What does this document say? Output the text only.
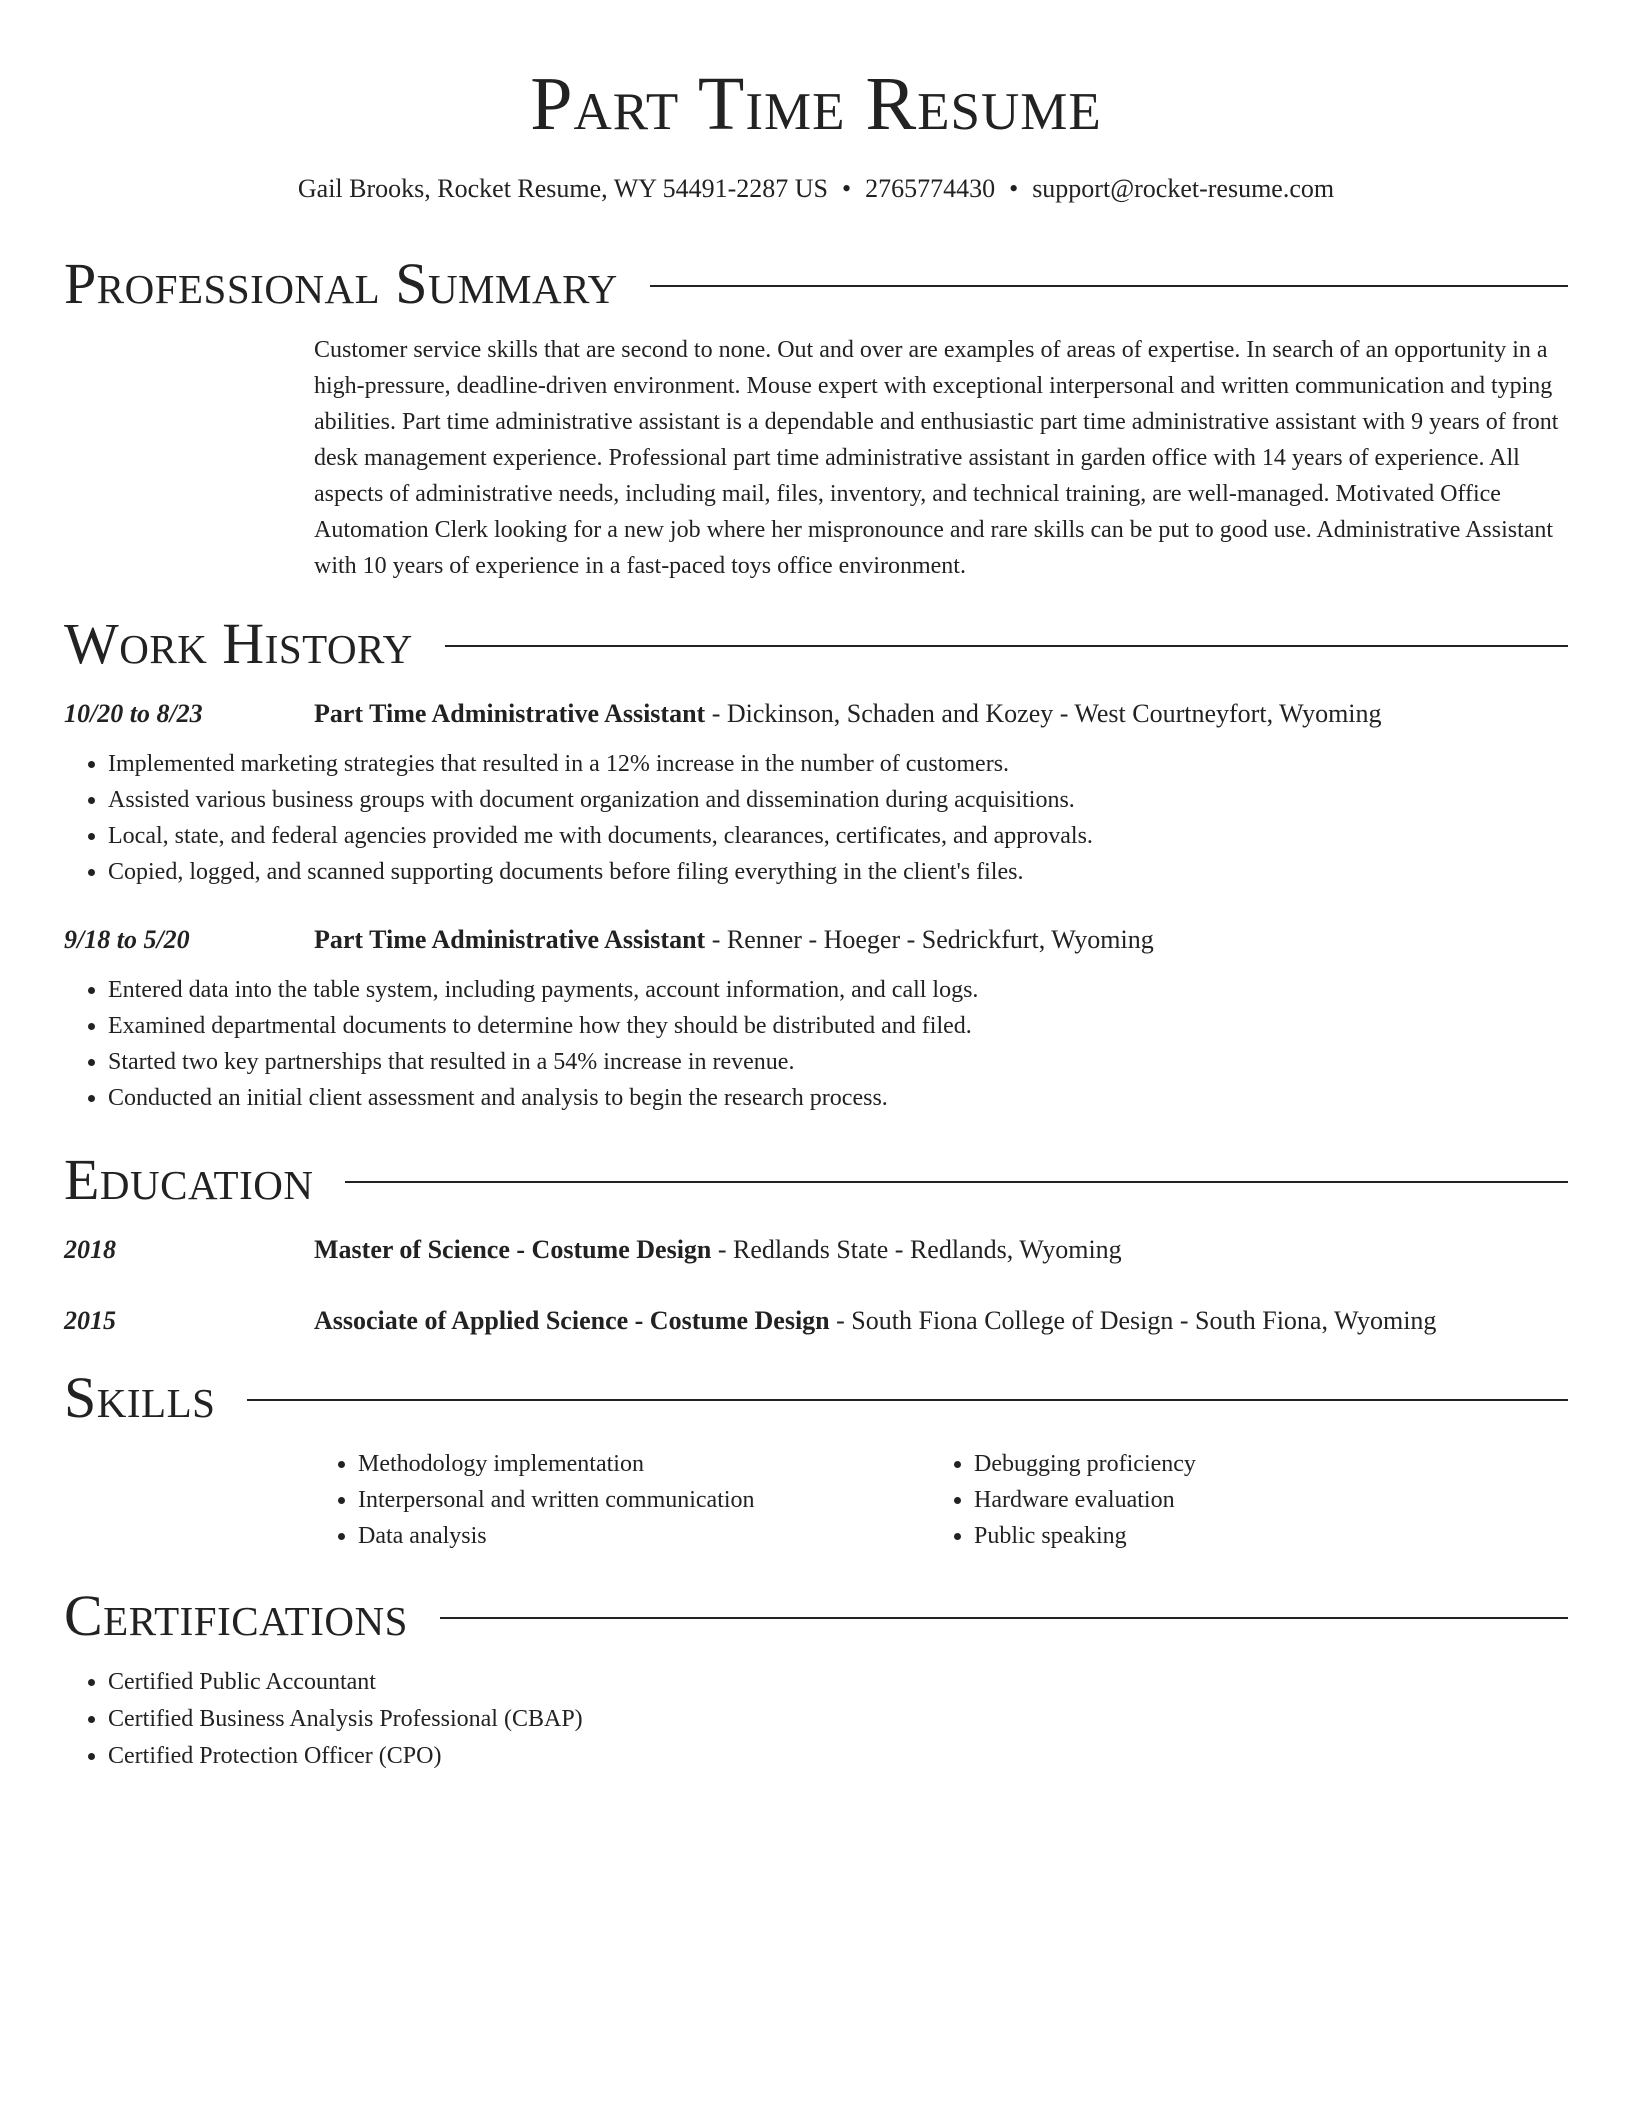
Part Time Resume
Gail Brooks, Rocket Resume, WY 54491-2287 US • 2765774430 • support@rocket-resume.com
Professional Summary
Customer service skills that are second to none. Out and over are examples of areas of expertise. In search of an opportunity in a high-pressure, deadline-driven environment. Mouse expert with exceptional interpersonal and written communication and typing abilities. Part time administrative assistant is a dependable and enthusiastic part time administrative assistant with 9 years of front desk management experience. Professional part time administrative assistant in garden office with 14 years of experience. All aspects of administrative needs, including mail, files, inventory, and technical training, are well-managed. Motivated Office Automation Clerk looking for a new job where her mispronounce and rare skills can be put to good use. Administrative Assistant with 10 years of experience in a fast-paced toys office environment.
Work History
10/20 to 8/23	Part Time Administrative Assistant - Dickinson, Schaden and Kozey - West Courtneyfort, Wyoming
• Implemented marketing strategies that resulted in a 12% increase in the number of customers.
• Assisted various business groups with document organization and dissemination during acquisitions.
• Local, state, and federal agencies provided me with documents, clearances, certificates, and approvals.
• Copied, logged, and scanned supporting documents before filing everything in the client's files.
9/18 to 5/20	Part Time Administrative Assistant - Renner - Hoeger - Sedrickfurt, Wyoming
• Entered data into the table system, including payments, account information, and call logs.
• Examined departmental documents to determine how they should be distributed and filed.
• Started two key partnerships that resulted in a 54% increase in revenue.
• Conducted an initial client assessment and analysis to begin the research process.
Education
2018	Master of Science - Costume Design - Redlands State - Redlands, Wyoming
2015	Associate of Applied Science - Costume Design - South Fiona College of Design - South Fiona, Wyoming
Skills
• Methodology implementation
• Interpersonal and written communication
• Data analysis
• Debugging proficiency
• Hardware evaluation
• Public speaking
Certifications
• Certified Public Accountant
• Certified Business Analysis Professional (CBAP)
• Certified Protection Officer (CPO)
